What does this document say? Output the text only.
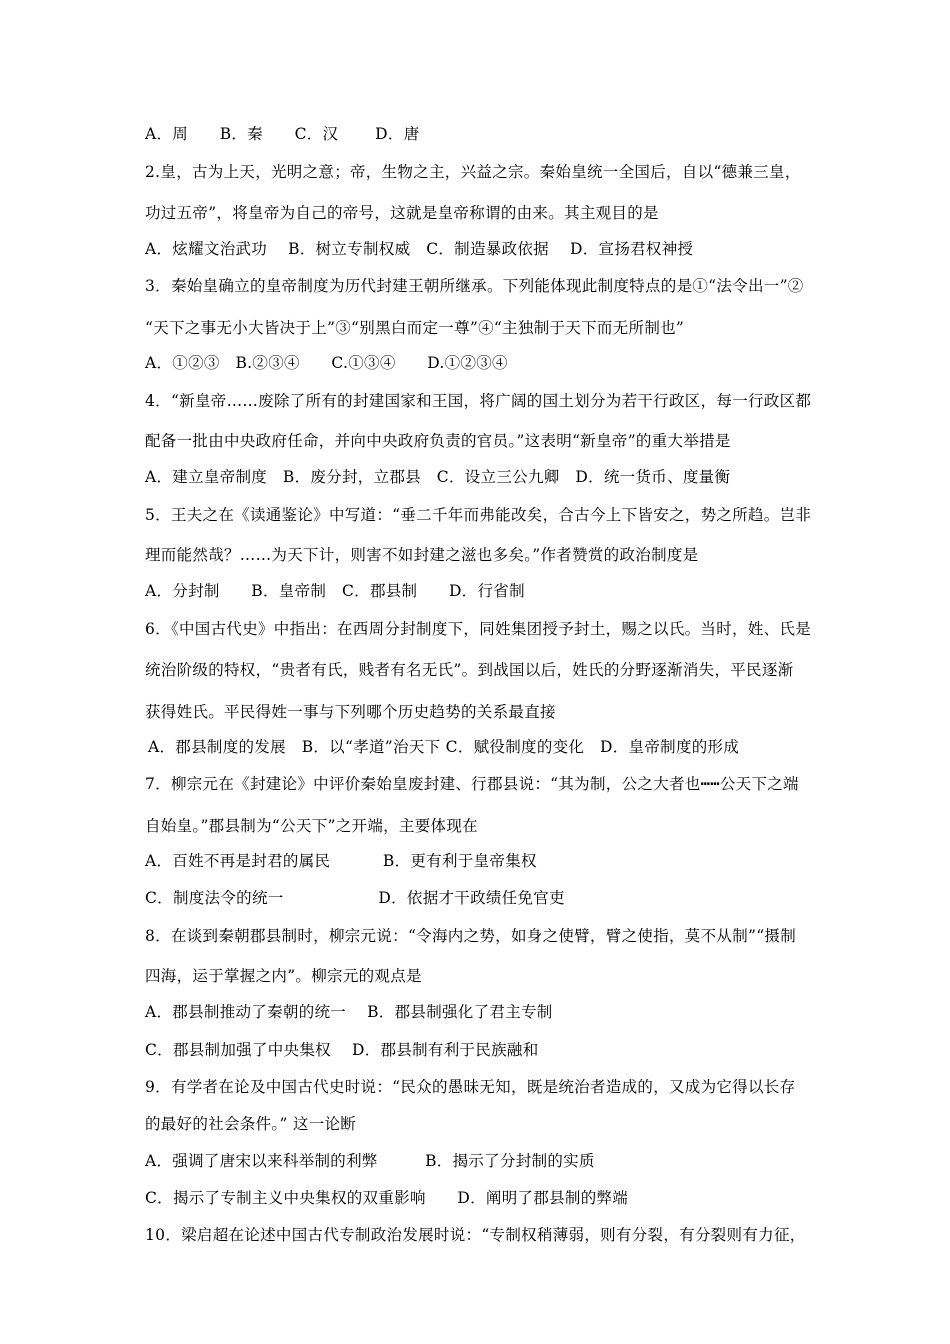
A．周　　B．秦　　C．汉　　 D．唐
2.皇，古为上天，光明之意；帝，生物之主，兴益之宗。秦始皇统一全国后，自以“德兼三皇，
功过五帝”，将皇帝为自己的帝号，这就是皇帝称谓的由来。其主观目的是
A．炫耀文治武功　 B．树立专制权威　C．制造暴政依据　 D．宣扬君权神授
3．秦始皇确立的皇帝制度为历代封建王朝所继承。下列能体现此制度特点的是①“法令出一”②
“天下之事无小大皆决于上”③“别黑白而定一尊”④“主独制于天下而无所制也”
A．①②③　B.②③④　　C.①③④　　D.①②③④
4．“新皇帝……废除了所有的封建国家和王国，将广阔的国土划分为若干行政区，每一行政区都
配备一批由中央政府任命，并向中央政府负责的官员。”这表明“新皇帝”的重大举措是
A．建立皇帝制度　B．废分封，立郡县　C．设立三公九卿　D．统一货币、度量衡
5．王夫之在《读通鉴论》中写道：“垂二千年而弗能改矣，合古今上下皆安之，势之所趋。岂非
理而能然哉？……为天下计，则害不如封建之滋也多矣。”作者赞赏的政治制度是
A．分封制　　B．皇帝制　C．郡县制　　D．行省制
6．《中国古代史》中指出：在西周分封制度下，同姓集团授予封土，赐之以氏。当时，姓、氏是
统治阶级的特权，“贵者有氏，贱者有名无氏”。到战国以后，姓氏的分野逐渐消失，平民逐渐
获得姓氏。平民得姓一事与下列哪个历史趋势的关系最直接
A．郡县制度的发展　B．以“孝道”治天下 C．赋役制度的变化　D．皇帝制度的形成
7．柳宗元在《封建论》中评价秦始皇废封建、行郡县说：“其为制，公之大者也┅┅公天下之端
自始皇。”郡县制为“公天下”之开端，主要体现在
A．百姓不再是封君的属民　　　 B．更有利于皇帝集权
C．制度法令的统一　　　　　　D．依据才干政绩任免官吏
8．在谈到秦朝郡县制时，柳宗元说：“令海内之势，如身之使臂，臂之使指，莫不从制”“摄制
四海，运于掌握之内”。柳宗元的观点是
A．郡县制推动了秦朝的统一　 B．郡县制强化了君主专制
C．郡县制加强了中央集权　 D．郡县制有利于民族融和
9．有学者在论及中国古代史时说：“民众的愚昧无知，既是统治者造成的，又成为它得以长存
的最好的社会条件。” 这一论断
A．强调了唐宋以来科举制的利弊　　　B．揭示了分封制的实质
C．揭示了专制主义中央集权的双重影响　　D．阐明了郡县制的弊端
10．梁启超在论述中国古代专制政治发展时说：“专制权稍薄弱，则有分裂，有分裂则有力征，
